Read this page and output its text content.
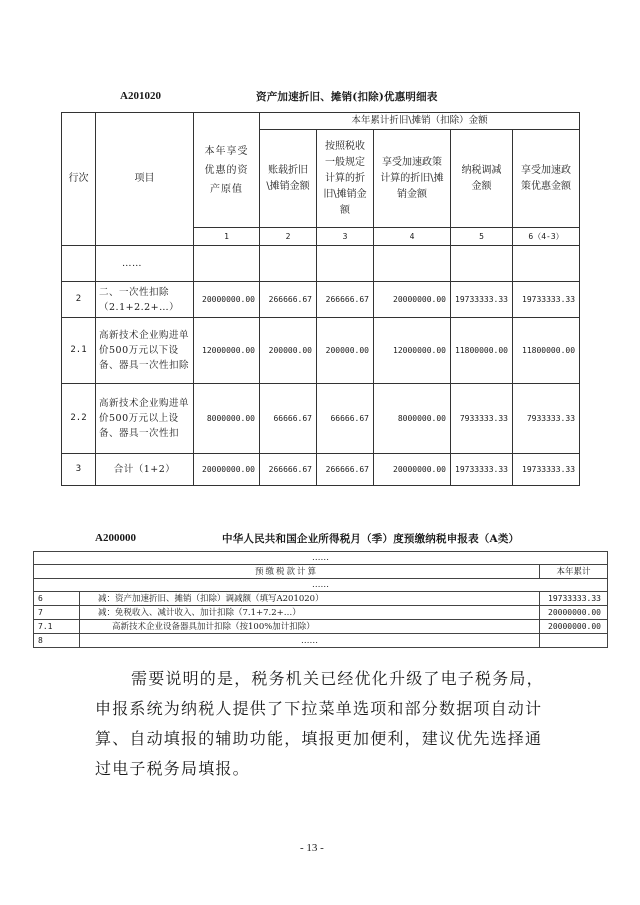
A201020	资产加速折旧、摊销(扣除)优惠明细表
行次	项目	本年享受优惠的资产原值	本年累计折旧\摊销（扣除）金额				
			账载折旧\摊销金额	按照税收一般规定计算的折旧\摊销金额	享受加速政策计算的折旧\摊销金额	纳税调减金额	享受加速政策优惠金额
		1	2	3	4	5	6（4-3）
	……						
2	二、一次性扣除（2.1+2.2+…）	20000000.00	266666.67	266666.67	20000000.00	19733333.33	19733333.33
2.1	高新技术企业购进单价500万元以下设备、器具一次性扣除	12000000.00	200000.00	200000.00	12000000.00	11800000.00	11800000.00
2.2	高新技术企业购进单价500万元以上设备、器具一次性扣	8000000.00	66666.67	66666.67	8000000.00	7933333.33	7933333.33
3	合计（1+2）	20000000.00	266666.67	266666.67	20000000.00	19733333.33	19733333.33
A200000	中华人民共和国企业所得税月（季）度预缴纳税申报表（A类）
……		
预缴税款计算		本年累计
……		
6	减：资产加速折旧、摊销（扣除）调减额（填写A201020）	19733333.33
7	减：免税收入、减计收入、加计扣除（7.1+7.2+…）	20000000.00
7.1	高新技术企业设备器具加计扣除（按100%加计扣除）	20000000.00
8	……	
需要说明的是，税务机关已经优化升级了电子税务局，申报系统为纳税人提供了下拉菜单选项和部分数据项自动计算、自动填报的辅助功能，填报更加便利，建议优先选择通过电子税务局填报。
- 13 -
